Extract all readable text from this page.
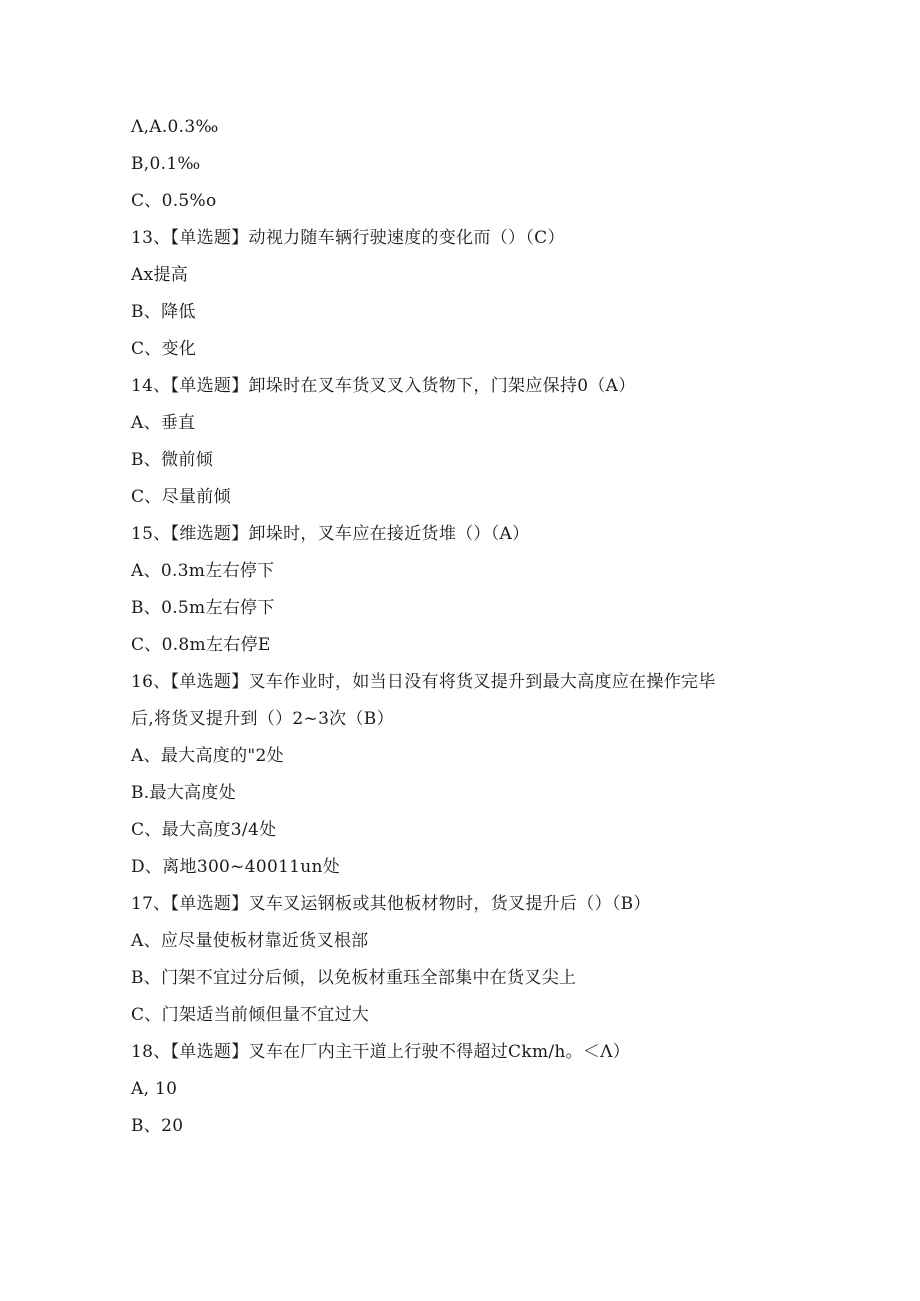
Λ,A.0.3‰
B,0.1‰
C、0.5%o
13、【单选题】动视力随车辆行驶速度的变化而（）（C）
Ax提高
B、降低
C、变化
14、【单选题】卸垛时在叉车货叉叉入货物下，门架应保持0（A）
A、垂直
B、微前倾
C、尽量前倾
15、【维选题】卸垛时，叉车应在接近货堆（）（A）
A、0.3m左右停下
B、0.5m左右停下
C、0.8m左右停E
16、【单选题】叉车作业时，如当日没有将货叉提升到最大高度应在操作完毕
后,将货叉提升到（）2~3次（B）
A、最大高度的"2处
B.最大高度处
C、最大高度3/4处
D、离地300~40011un处
17、【单选题】叉车叉运钢板或其他板材物时，货叉提升后（）（B）
A、应尽量使板材靠近货叉根部
B、门架不宜过分后倾，以免板材重珏全部集中在货叉尖上
C、门架适当前倾但量不宜过大
18、【单选题】叉车在厂内主干道上行驶不得超过Ckm/h。＜Λ）
A, 10
B、20
